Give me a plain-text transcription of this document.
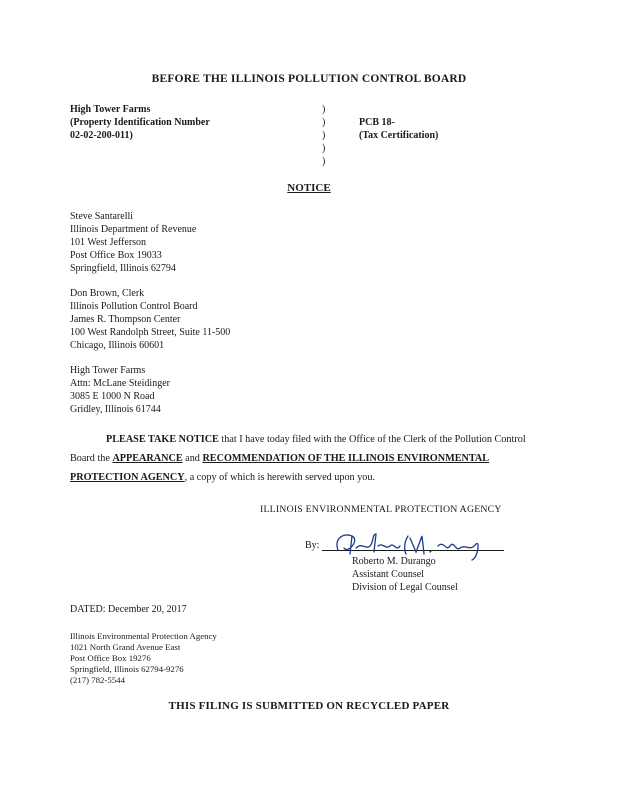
BEFORE THE ILLINOIS POLLUTION CONTROL BOARD
High Tower Farms
(Property Identification Number
02-02-200-011)
)
)
)
)
)
PCB 18-
(Tax Certification)
NOTICE
Steve Santarelli
Illinois Department of Revenue
101 West Jefferson
Post Office Box 19033
Springfield, Illinois 62794
Don Brown, Clerk
Illinois Pollution Control Board
James R. Thompson Center
100 West Randolph Street, Suite 11-500
Chicago, Illinois 60601
High Tower Farms
Attn: McLane Steidinger
3085 E 1000 N Road
Gridley, Illinois 61744
PLEASE TAKE NOTICE that I have today filed with the Office of the Clerk of the Pollution Control Board the APPEARANCE and RECOMMENDATION OF THE ILLINOIS ENVIRONMENTAL PROTECTION AGENCY, a copy of which is herewith served upon you.
ILLINOIS ENVIRONMENTAL PROTECTION AGENCY
By:
Roberto M. Durango
Assistant Counsel
Division of Legal Counsel
DATED: December 20, 2017
Illinois Environmental Protection Agency
1021 North Grand Avenue East
Post Office Box 19276
Springfield, Illinois 62794-9276
(217) 782-5544
THIS FILING IS SUBMITTED ON RECYCLED PAPER
